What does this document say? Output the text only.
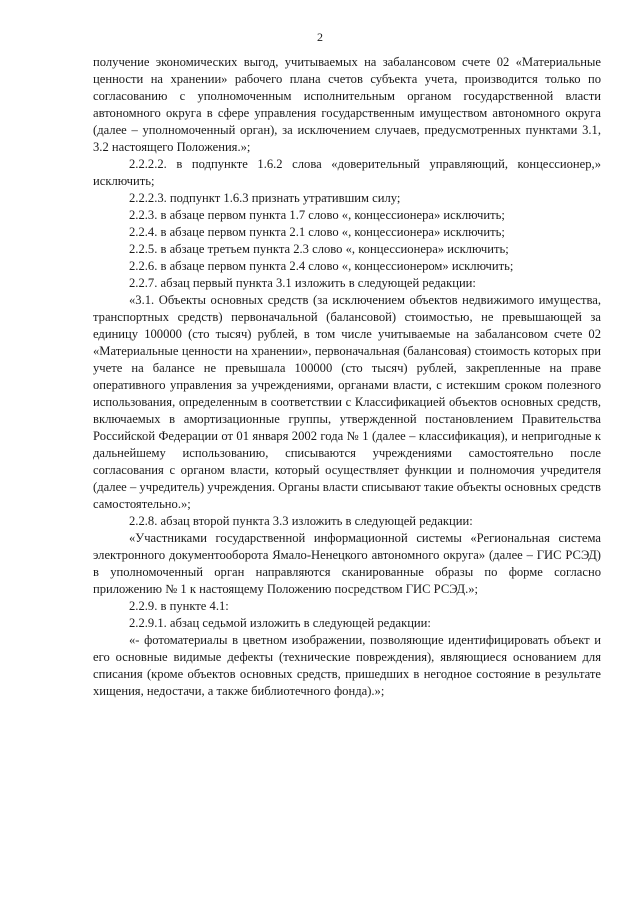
2

получение экономических выгод, учитываемых на забалансовом счете 02 «Материальные ценности на хранении» рабочего плана счетов субъекта учета, производится только по согласованию с уполномоченным исполнительным органом государственной власти автономного округа в сфере управления государственным имуществом автономного округа (далее – уполномоченный орган), за исключением случаев, предусмотренных пунктами 3.1, 3.2 настоящего Положения.»;

2.2.2.2. в подпункте 1.6.2 слова «доверительный управляющий, концессионер,» исключить;

2.2.2.3. подпункт 1.6.3 признать утратившим силу;

2.2.3. в абзаце первом пункта 1.7 слово «, концессионера» исключить;

2.2.4. в абзаце первом пункта 2.1 слово «, концессионера» исключить;

2.2.5. в абзаце третьем пункта 2.3 слово «, концессионера» исключить;

2.2.6. в абзаце первом пункта 2.4 слово «, концессионером» исключить;

2.2.7. абзац первый пункта 3.1 изложить в следующей редакции:

«3.1. Объекты основных средств (за исключением объектов недвижимого имущества, транспортных средств) первоначальной (балансовой) стоимостью, не превышающей за единицу 100000 (сто тысяч) рублей, в том числе учитываемые на забалансовом счете 02 «Материальные ценности на хранении», первоначальная (балансовая) стоимость которых при учете на балансе не превышала 100000 (сто тысяч) рублей, закрепленные на праве оперативного управления за учреждениями, органами власти, с истекшим сроком полезного использования, определенным в соответствии с Классификацией объектов основных средств, включаемых в амортизационные группы, утвержденной постановлением Правительства Российской Федерации от 01 января 2002 года № 1 (далее – классификация), и непригодные к дальнейшему использованию, списываются учреждениями самостоятельно после согласования с органом власти, который осуществляет функции и полномочия учредителя (далее – учредитель) учреждения. Органы власти списывают такие объекты основных средств самостоятельно.»;

2.2.8. абзац второй пункта 3.3 изложить в следующей редакции:

«Участниками государственной информационной системы «Региональная система электронного документооборота Ямало-Ненецкого автономного округа» (далее – ГИС РСЭД) в уполномоченный орган направляются сканированные образы по форме согласно приложению № 1 к настоящему Положению посредством ГИС РСЭД.»;

2.2.9. в пункте 4.1:

2.2.9.1. абзац седьмой изложить в следующей редакции:

«- фотоматериалы в цветном изображении, позволяющие идентифицировать объект и его основные видимые дефекты (технические повреждения), являющиеся основанием для списания (кроме объектов основных средств, пришедших в негодное состояние в результате хищения, недостачи, а также библиотечного фонда).»;
